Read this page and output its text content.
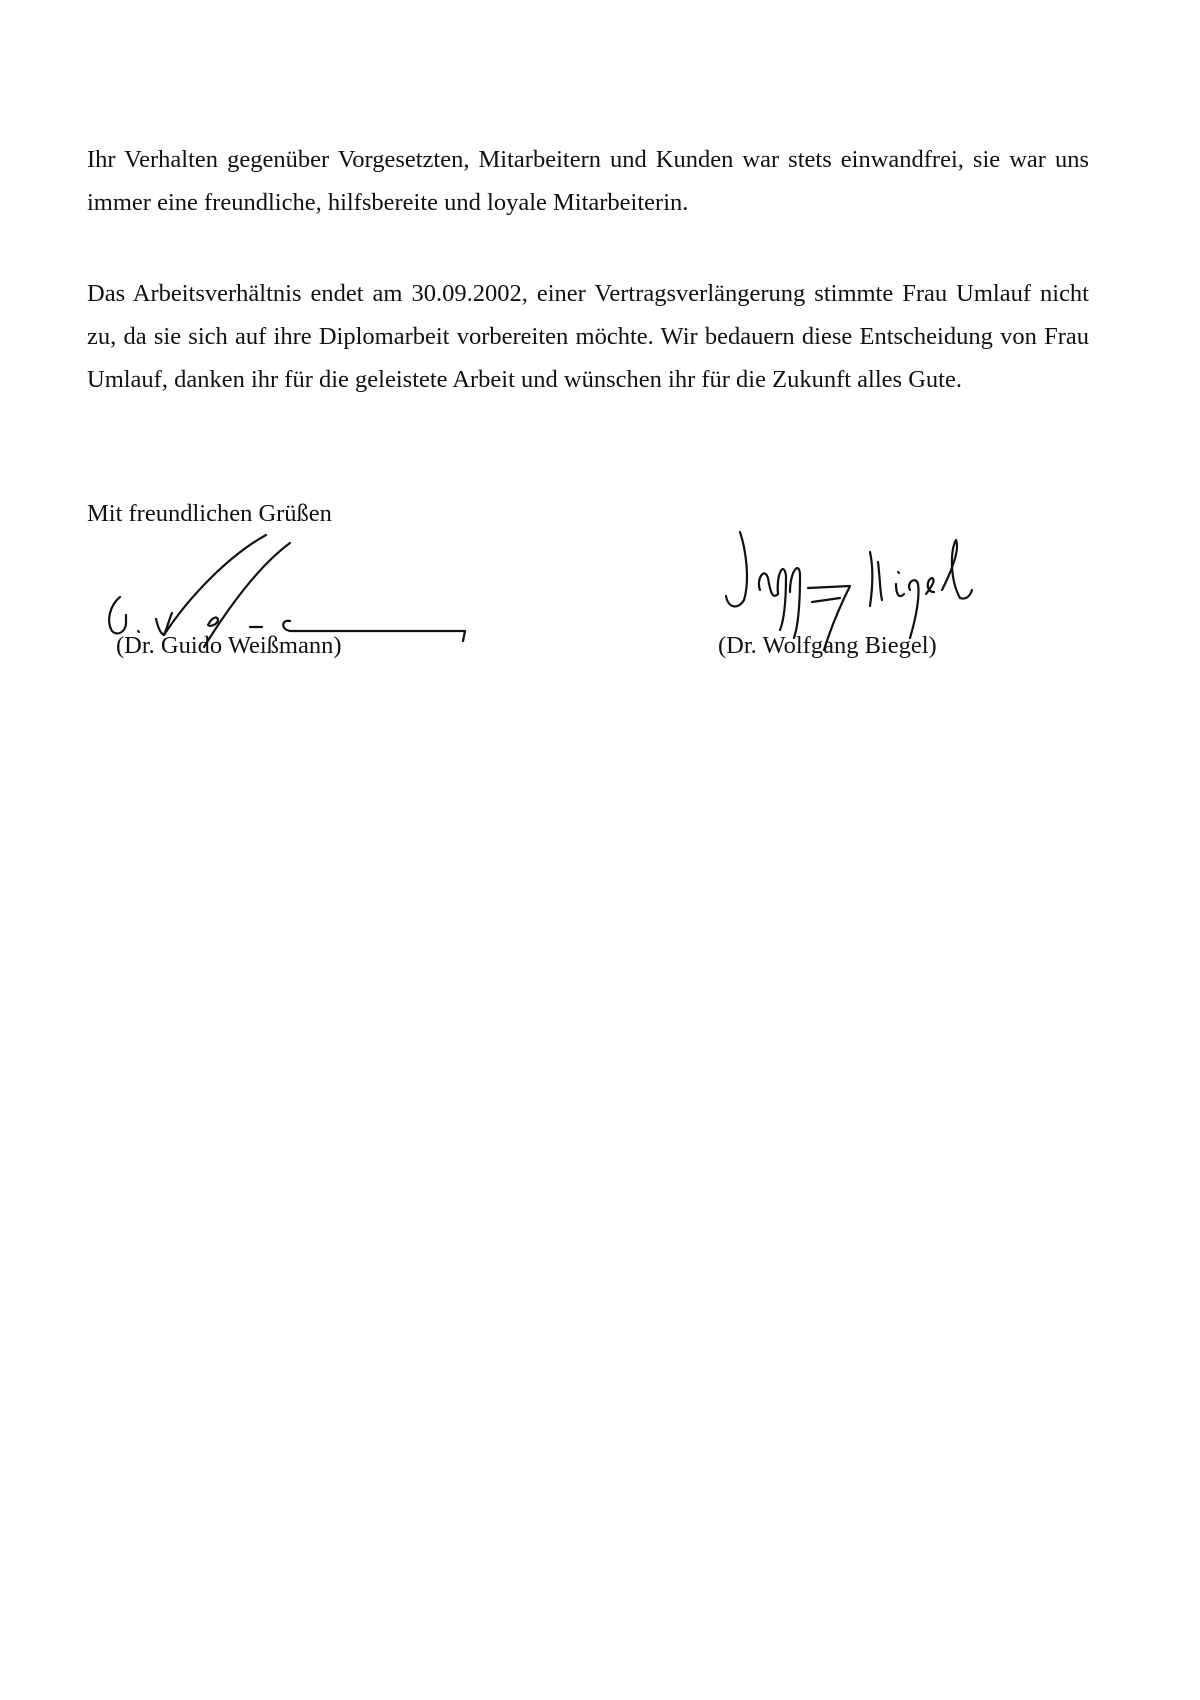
Ihr Verhalten gegenüber Vorgesetzten, Mitarbeitern und Kunden war stets einwandfrei, sie war uns immer eine freundliche, hilfsbereite und loyale Mitarbeiterin.

Das Arbeitsverhältnis endet am 30.09.2002, einer Vertragsverlängerung stimmte Frau Umlauf nicht zu, da sie sich auf ihre Diplomarbeit vorbereiten möchte. Wir bedauern diese Entscheidung von Frau Umlauf, danken ihr für die geleistete Arbeit und wünschen ihr für die Zukunft alles Gute.

Mit freundlichen Grüßen

(Dr. Guido Weißmann)	(Dr. Wolfgang Biegel)
